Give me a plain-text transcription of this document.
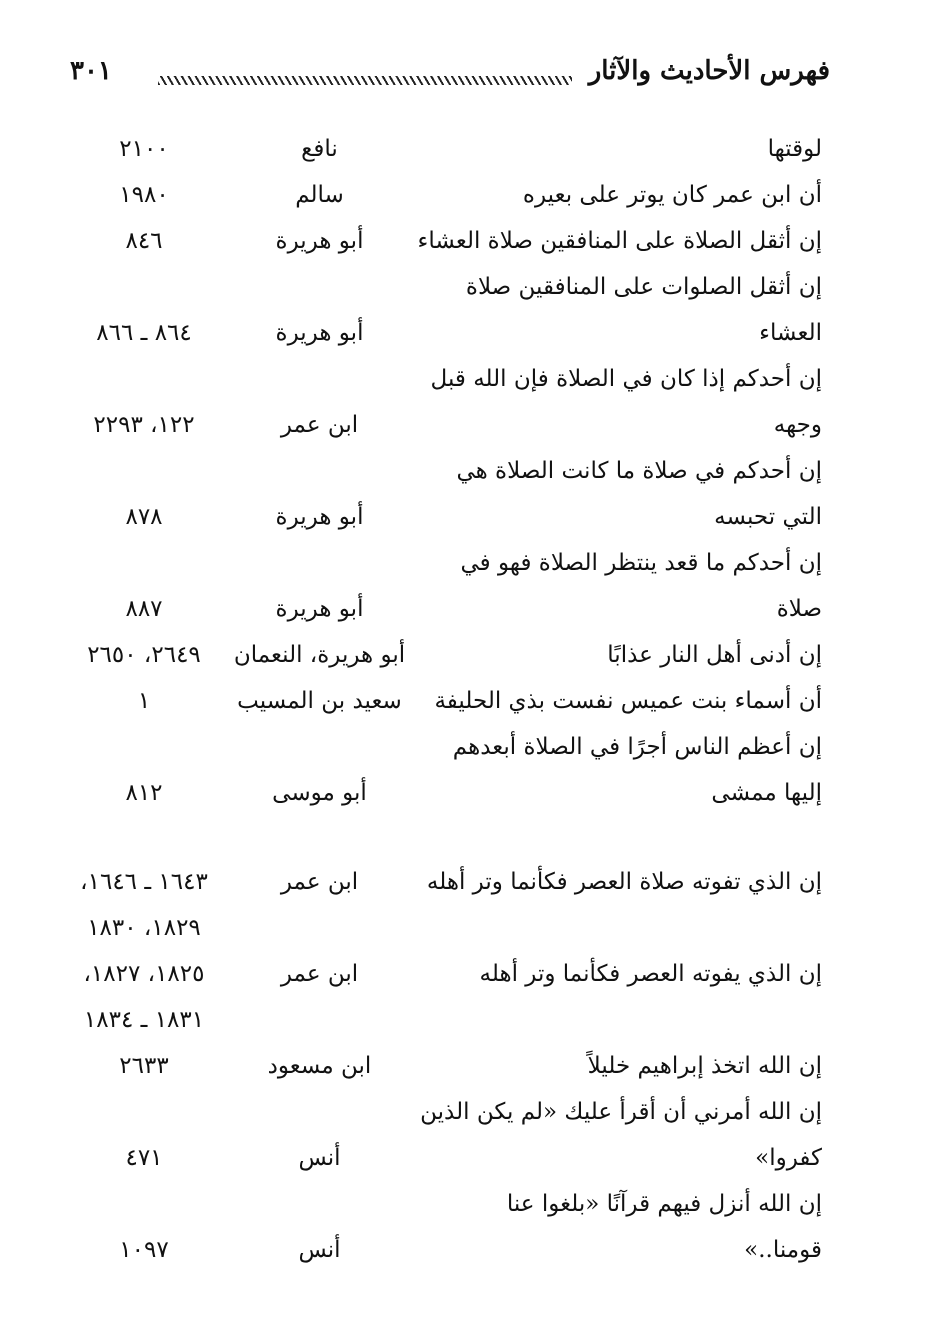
فهرس الأحاديث والآثار
٣٠١
لوقتها
نافع
٢١٠٠
أن ابن عمر كان يوتر على بعيره
سالم
١٩٨٠
إن أثقل الصلاة على المنافقين صلاة العشاء
أبو هريرة
٨٤٦
إن أثقل الصلوات على المنافقين صلاة
العشاء
أبو هريرة
٨٦٤ ـ ٨٦٦
إن أحدكم إذا كان في الصلاة فإن الله قبل
وجهه
ابن عمر
١٢٢، ٢٢٩٣
إن أحدكم في صلاة ما كانت الصلاة هي
التي تحبسه
أبو هريرة
٨٧٨
إن أحدكم ما قعد ينتظر الصلاة فهو في
صلاة
أبو هريرة
٨٨٧
إن أدنى أهل النار عذابًا
أبو هريرة، النعمان
٢٦٤٩، ٢٦٥٠
أن أسماء بنت عميس نفست بذي الحليفة
سعيد بن المسيب
١
إن أعظم الناس أجرًا في الصلاة أبعدهم
إليها ممشى
أبو موسى
٨١٢
إن الذي تفوته صلاة العصر فكأنما وتر أهله
ابن عمر
١٦٤٣ ـ ١٦٤٦،
١٨٢٩، ١٨٣٠
إن الذي يفوته العصر فكأنما وتر أهله
ابن عمر
١٨٢٥، ١٨٢٧،
١٨٣١ ـ ١٨٣٤
إن الله اتخذ إبراهيم خليلاً
ابن مسعود
٢٦٣٣
إن الله أمرني أن أقرأ عليك «لم يكن الذين
كفروا»
أنس
٤٧١
إن الله أنزل فيهم قرآنًا «بلغوا عنا
قومنا..»
أنس
١٠٩٧
